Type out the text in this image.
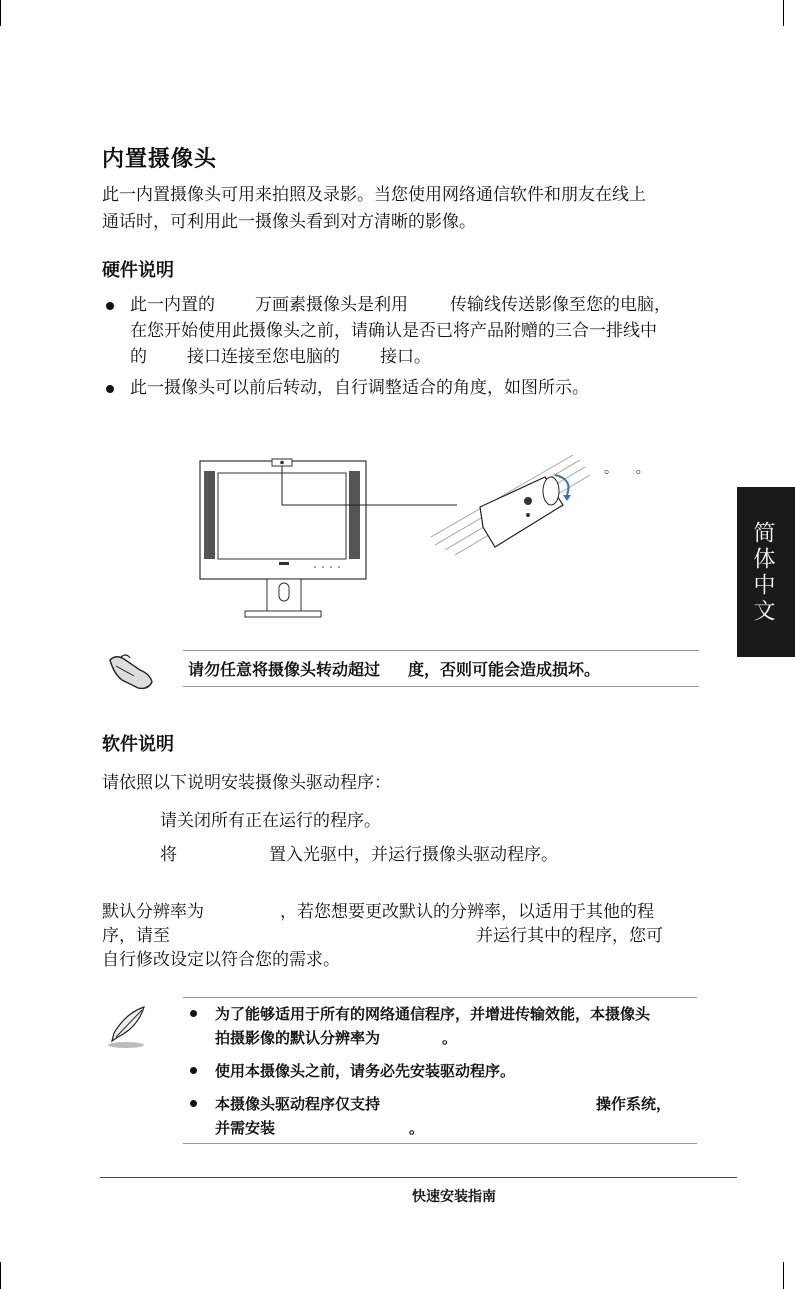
内置摄像头
此一内置摄像头可用来拍照及录影。当您使用网络通信软件和朋友在线上
通话时，可利用此一摄像头看到对方清晰的影像。
硬件说明
此一内置的 万画素摄像头是利用 传输线传送影像至您的电脑，
在您开始使用此摄像头之前，请确认是否已将产品附赠的三合一排线中
的 接口连接至您电脑的 接口。
此一摄像头可以前后转动，自行调整适合的角度，如图所示。
。    。
简体中文
请勿任意将摄像头转动超过 度，否则可能会造成损坏。
软件说明
请依照以下说明安装摄像头驱动程序：
请关闭所有正在运行的程序。
将	置入光驱中，并运行摄像头驱动程序。
默认分辨率为	，若您想要更改默认的分辨率，以适用于其他的程
序，请至	并运行其中的程序，您可
自行修改设定以符合您的需求。
为了能够适用于所有的网络通信程序，并增进传输效能，本摄像头
拍摄影像的默认分辨率为	。
使用本摄像头之前，请务必先安装驱动程序。
本摄像头驱动程序仅支持	操作系统，
并需安装	。
快速安装指南
